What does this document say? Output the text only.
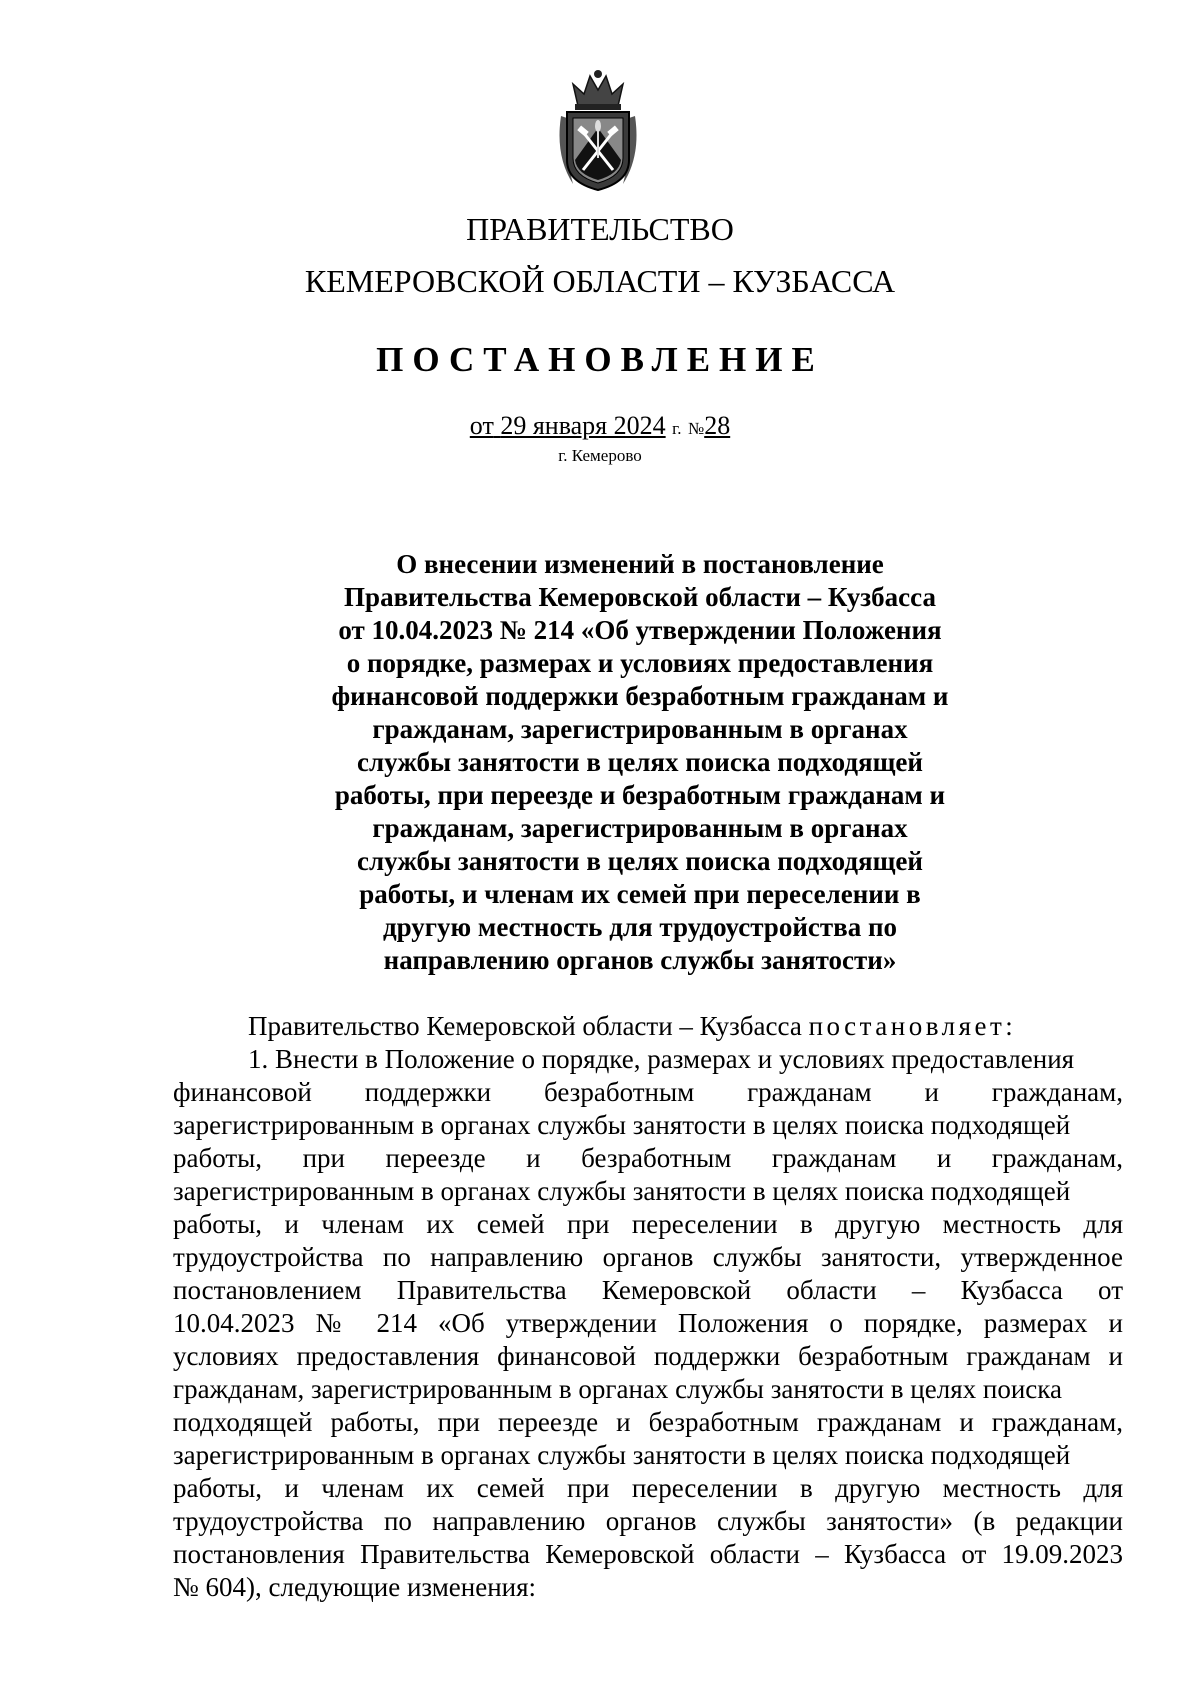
ПРАВИТЕЛЬСТВО
КЕМЕРОВСКОЙ ОБЛАСТИ – КУЗБАССА
ПОСТАНОВЛЕНИЕ
от 29 января 2024 г. №28
г. Кемерово
О внесении изменений в постановление
Правительства Кемеровской области – Кузбасса
от 10.04.2023 № 214 «Об утверждении Положения
о порядке, размерах и условиях предоставления
финансовой поддержки безработным гражданам и
гражданам, зарегистрированным в органах
службы занятости в целях поиска подходящей
работы, при переезде и безработным гражданам и
гражданам, зарегистрированным в органах
службы занятости в целях поиска подходящей
работы, и членам их семей при переселении в
другую местность для трудоустройства по
направлению органов службы занятости»
Правительство Кемеровской области – Кузбасса постановляет:
1. Внести в Положение о порядке, размерах и условиях предоставления
финансовой поддержки безработным гражданам и гражданам,
зарегистрированным в органах службы занятости в целях поиска подходящей
работы, при переезде и безработным гражданам и гражданам,
зарегистрированным в органах службы занятости в целях поиска подходящей
работы, и членам их семей при переселении в другую местность для
трудоустройства по направлению органов службы занятости, утвержденное
постановлением Правительства Кемеровской области – Кузбасса от
10.04.2023 № 214 «Об утверждении Положения о порядке, размерах и
условиях предоставления финансовой поддержки безработным гражданам и
гражданам, зарегистрированным в органах службы занятости в целях поиска
подходящей работы, при переезде и безработным гражданам и гражданам,
зарегистрированным в органах службы занятости в целях поиска подходящей
работы, и членам их семей при переселении в другую местность для
трудоустройства по направлению органов службы занятости» (в редакции
постановления Правительства Кемеровской области – Кузбасса от 19.09.2023
№ 604), следующие изменения:
